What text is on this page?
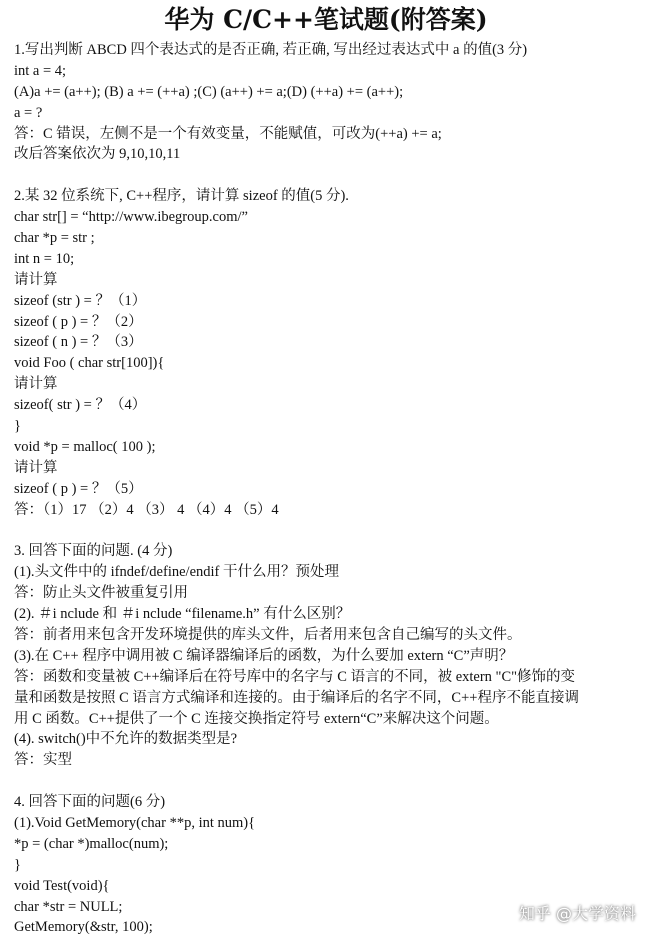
华为 C/C++笔试题(附答案)
1.写出判断 ABCD 四个表达式的是否正确, 若正确, 写出经过表达式中 a 的值(3 分)
int a = 4;
(A)a += (a++); (B) a += (++a) ;(C) (a++) += a;(D) (++a) += (a++);
a = ?
答：C 错误，左侧不是一个有效变量，不能赋值，可改为(++a) += a;
改后答案依次为 9,10,10,11
2.某 32 位系统下, C++程序，请计算 sizeof 的值(5 分).
char str[] = “http://www.ibegroup.com/”
char *p = str ;
int n = 10;
请计算
sizeof (str ) = ？（1）
sizeof ( p ) = ？（2）
sizeof ( n ) = ？（3）
void Foo ( char str[100]){
请计算
sizeof( str ) = ？（4）
}
void *p = malloc( 100 );
请计算
sizeof ( p ) = ？（5）
答：（1）17 （2）4 （3） 4 （4）4 （5）4
3. 回答下面的问题. (4 分)
(1).头文件中的 ifndef/define/endif 干什么用？预处理
答：防止头文件被重复引用
(2). ＃i nclude 和 ＃i nclude “filename.h” 有什么区别？
答：前者用来包含开发环境提供的库头文件，后者用来包含自己编写的头文件。
(3).在 C++ 程序中调用被 C 编译器编译后的函数，为什么要加 extern “C”声明？
答：函数和变量被 C++编译后在符号库中的名字与 C 语言的不同，被 extern "C"修饰的变
量和函数是按照 C 语言方式编译和连接的。由于编译后的名字不同，C++程序不能直接调
用 C 函数。C++提供了一个 C 连接交换指定符号 extern“C”来解决这个问题。
(4). switch()中不允许的数据类型是?
答：实型
4. 回答下面的问题(6 分)
(1).Void GetMemory(char **p, int num){
*p = (char *)malloc(num);
}
void Test(void){
char *str = NULL;
GetMemory(&str, 100);
知乎 @大学资料
